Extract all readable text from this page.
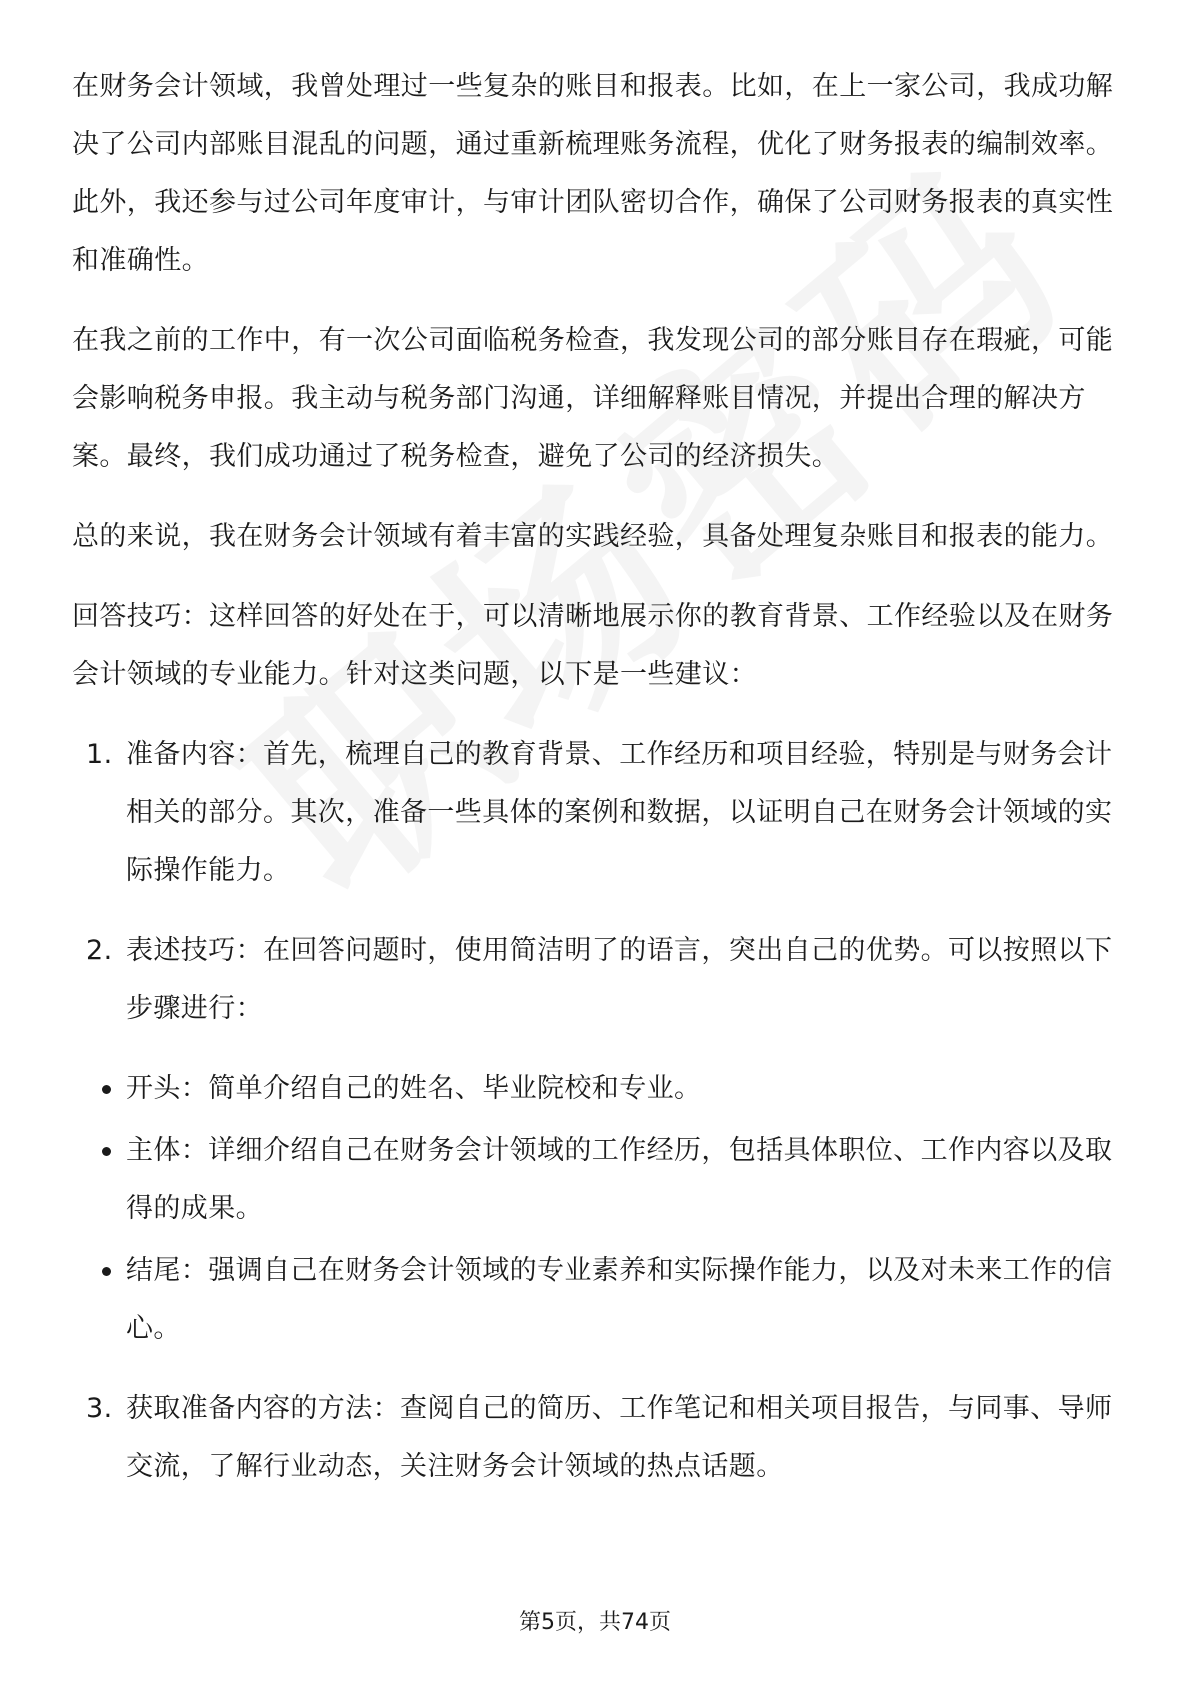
在财务会计领域，我曾处理过一些复杂的账目和报表。比如，在上一家公司，我成功解决了公司内部账目混乱的问题，通过重新梳理账务流程，优化了财务报表的编制效率。此外，我还参与过公司年度审计，与审计团队密切合作，确保了公司财务报表的真实性和准确性。

在我之前的工作中，有一次公司面临税务检查，我发现公司的部分账目存在瑕疵，可能会影响税务申报。我主动与税务部门沟通，详细解释账目情况，并提出合理的解决方案。最终，我们成功通过了税务检查，避免了公司的经济损失。

总的来说，我在财务会计领域有着丰富的实践经验，具备处理复杂账目和报表的能力。

回答技巧：这样回答的好处在于，可以清晰地展示你的教育背景、工作经验以及在财务会计领域的专业能力。针对这类问题，以下是一些建议：

1. 准备内容：首先，梳理自己的教育背景、工作经历和项目经验，特别是与财务会计相关的部分。其次，准备一些具体的案例和数据，以证明自己在财务会计领域的实际操作能力。
2. 表述技巧：在回答问题时，使用简洁明了的语言，突出自己的优势。可以按照以下步骤进行：
开头：简单介绍自己的姓名、毕业院校和专业。
主体：详细介绍自己在财务会计领域的工作经历，包括具体职位、工作内容以及取得的成果。
结尾：强调自己在财务会计领域的专业素养和实际操作能力，以及对未来工作的信心。
3. 获取准备内容的方法：查阅自己的简历、工作笔记和相关项目报告，与同事、导师交流，了解行业动态，关注财务会计领域的热点话题。
第5页，共74页
